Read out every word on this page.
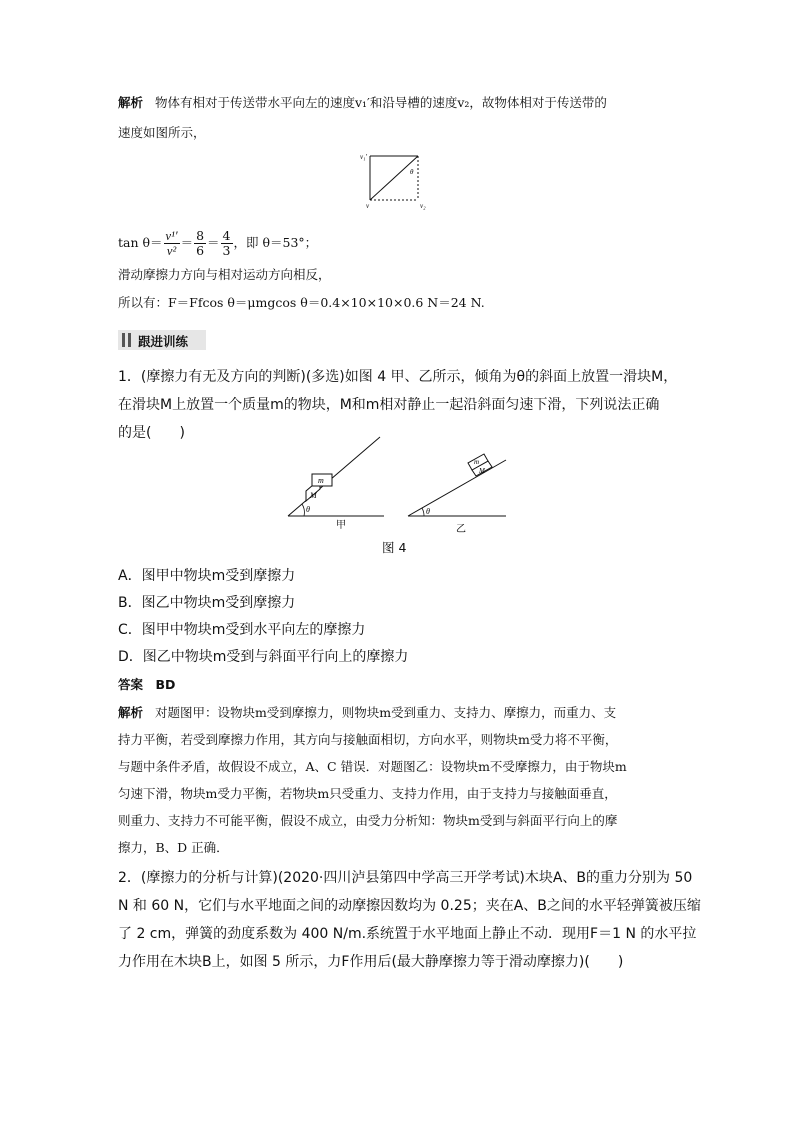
解析 物体有相对于传送带水平向左的速度v₁′和沿导槽的速度v₂，故物体相对于传送带的
速度如图所示，
v₁′
θ
v	v₂
$\tan \theta= \frac{\text{v¹′}}{\text{v²}} = \frac{8}{6} = \frac{4}{3}$ ，即 θ＝53°；
滑动摩擦力方向与相对运动方向相反，
所以有：F＝Ffcos θ＝μmgcos θ＝0.4×10×10×0.6 N＝24 N.
跟进训练
1．(摩擦力有无及方向的判断)(多选)如图 4 甲、乙所示，倾角为θ的斜面上放置一滑块M，
在滑块M上放置一个质量m的物块，M和m相对静止一起沿斜面匀速下滑，下列说法正确
的是(　　)
θ
M
m
甲
θ
M
m
乙
图 4
A．图甲中物块m受到摩擦力
B．图乙中物块m受到摩擦力
C．图甲中物块m受到水平向左的摩擦力
D．图乙中物块m受到与斜面平行向上的摩擦力
答案　BD
解析 对题图甲：设物块m受到摩擦力，则物块m受到重力、支持力、摩擦力，而重力、支
持力平衡，若受到摩擦力作用，其方向与接触面相切，方向水平，则物块m受力将不平衡，
与题中条件矛盾，故假设不成立，A、C 错误．对题图乙：设物块m不受摩擦力，由于物块m
匀速下滑，物块m受力平衡，若物块m只受重力、支持力作用，由于支持力与接触面垂直，
则重力、支持力不可能平衡，假设不成立，由受力分析知：物块m受到与斜面平行向上的摩
擦力，B、D 正确．
2．(摩擦力的分析与计算)(2020·四川泸县第四中学高三开学考试)木块A、B的重力分别为 50
N 和 60 N，它们与水平地面之间的动摩擦因数均为 0.25；夹在A、B之间的水平轻弹簧被压缩
了 2 cm，弹簧的劲度系数为 400 N/m.系统置于水平地面上静止不动．现用F＝1 N 的水平拉
力作用在木块B上，如图 5 所示，力F作用后(最大静摩擦力等于滑动摩擦力)(　　)
